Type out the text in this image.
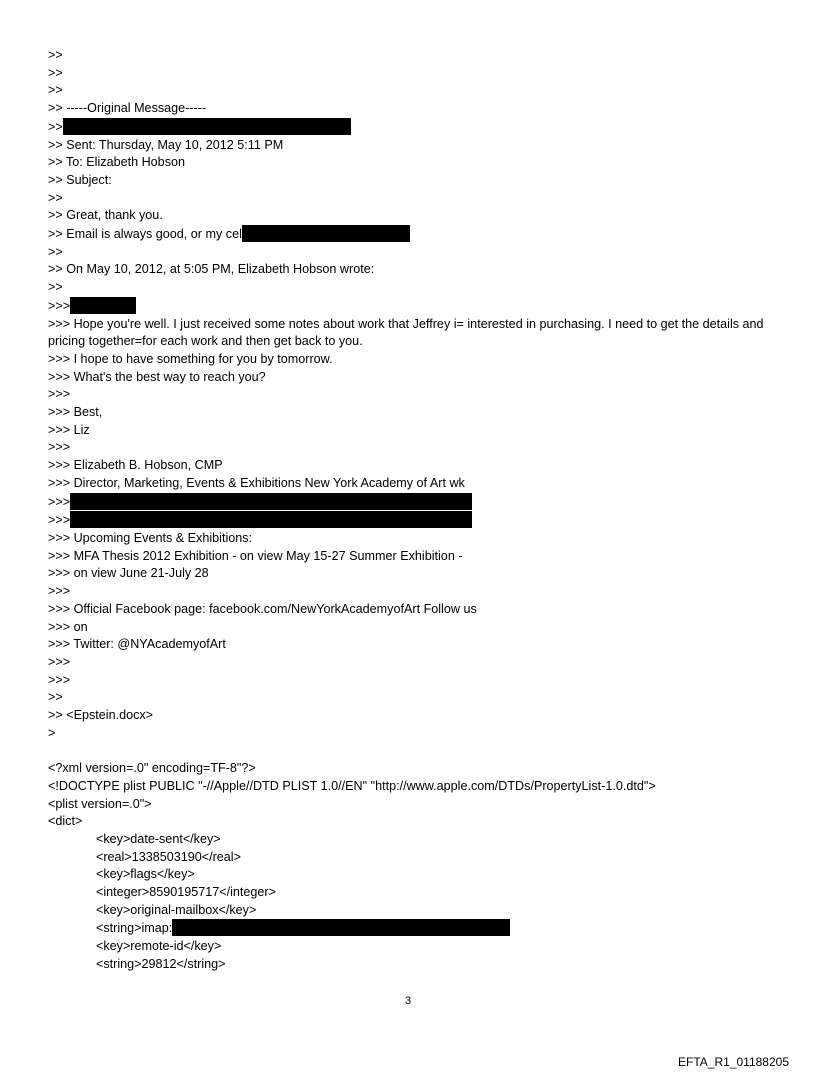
>>
>>
>>
>> -----Original Message-----
>>
>> Sent: Thursday, May 10, 2012 5:11 PM
>> To: Elizabeth Hobson
>> Subject:
>>
>> Great, thank you.
>> Email is always good, or my cel
>>
>> On May 10, 2012, at 5:05 PM, Elizabeth Hobson wrote:
>>
>>>
>>> Hope you're well. I just received some notes about work that Jeffrey i= interested in purchasing. I need to get the details and pricing together=for each work and then get back to you.
>>> I hope to have something for you by tomorrow.
>>> What's the best way to reach you?
>>>
>>> Best,
>>> Liz
>>>
>>> Elizabeth B. Hobson, CMP
>>> Director, Marketing, Events & Exhibitions New York Academy of Art wk
>>>
>>>
>>> Upcoming Events & Exhibitions:
>>> MFA Thesis 2012 Exhibition - on view May 15-27 Summer Exhibition -
>>> on view June 21-July 28
>>>
>>> Official Facebook page: facebook.com/NewYorkAcademyofArt Follow us
>>> on
>>> Twitter: @NYAcademyofArt
>>>
>>>
>>
>> <Epstein.docx>
>
<?xml version=.0" encoding=TF-8"?>
<!DOCTYPE plist PUBLIC "-//Apple//DTD PLIST 1.0//EN" "http://www.apple.com/DTDs/PropertyList-1.0.dtd">
<plist version=.0">
<dict>
<key>date-sent</key>
<real>1338503190</real>
<key>flags</key>
<integer>8590195717</integer>
<key>original-mailbox</key>
<string>imap:
<key>remote-id</key>
<string>29812</string>
3
EFTA_R1_01188205
